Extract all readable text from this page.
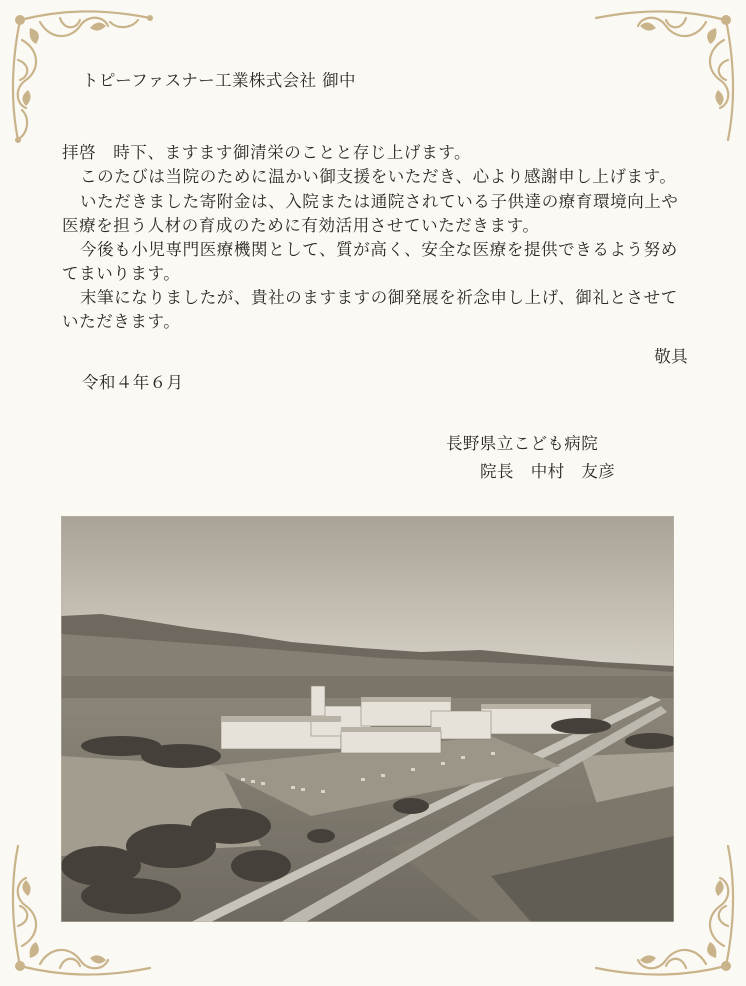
トピーファスナー工業株式会社 御中
拝啓　時下、ますます御清栄のことと存じ上げます。
このたびは当院のために温かい御支援をいただき、心より感謝申し上げます。
いただきました寄附金は、入院または通院されている子供達の療育環境向上や医療を担う人材の育成のために有効活用させていただきます。
今後も小児専門医療機関として、質が高く、安全な医療を提供できるよう努めてまいります。
末筆になりましたが、貴社のますますの御発展を祈念申し上げ、御礼とさせていただきます。
敬具
令和４年６月
長野県立こども病院
院長　中村　友彦
